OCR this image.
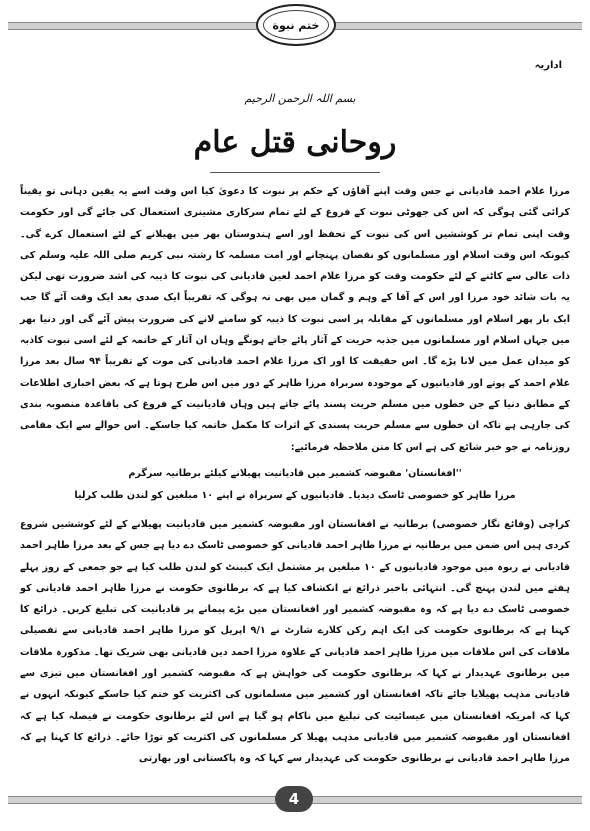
ختم نبوة
اداریہ
بسم اللہ الرحمن الرحیم
روحانی قتل عام

مرزا غلام احمد قادیانی نے جس وقت اپنے آقاؤں کے حکم پر نبوت کا دعویٰ کیا اس وقت اسے یہ یقین دہانی تو یقیناً کرائی گئی ہوگی کہ اس کی جھوٹی نبوت کے فروغ کے لئے تمام سرکاری مشینری استعمال کی جائے گی اور حکومت وقت اپنی تمام تر کوششیں اس کی نبوت کے تحفظ اور اسے ہندوستان بھر میں پھیلانے کے لئے استعمال کرے گی۔ کیونکہ اس وقت اسلام اور مسلمانوں کو نقصان پہنچانے اور امت مسلمہ کا رشتہ نبی کریم صلی اللہ علیہ وسلم کی ذات عالی سے کاٹنے کے لئے حکومت وقت کو مرزا غلام احمد لعین قادیانی کی نبوت کا ذیبہ کی اشد ضرورت تھی لیکن یہ بات شائد خود مرزا اور اس کے آقا کے وہم و گمان میں بھی نہ ہوگی کہ تقریباً ایک صدی بعد ایک وقت آئے گا جب ایک بار پھر اسلام اور مسلمانوں کے مقابلہ پر اسی نبوت کا ذیبہ کو سامنے لانے کی ضرورت پیش آئے گی اور دنیا بھر میں جہاں اسلام اور مسلمانوں میں جذبہ حریت کے آثار پائے جاتے ہونگے وہاں ان آثار کے خاتمہ کے لئے اسی نبوت کاذبہ کو میدان عمل میں لانا پڑے گا۔ اس حقیقت کا اور اک مرزا غلام احمد قادیانی کی موت کے تقریباً ۹۴ سال بعد مرزا غلام احمد کے پوتے اور قادیانیوں کے موجودہ سربراہ مرزا طاہر کے دور میں اس طرح ہوتا ہے کہ بعض اخباری اطلاعات کے مطابق دنیا کے جن خطوں میں مسلم حریت پسند پائے جاتے ہیں وہاں قادیانیت کے فروغ کی باقاعدہ منصوبہ بندی کی جارہی ہے تاکہ ان خطوں سے مسلم حریت پسندی کے اثرات کا مکمل خاتمہ کیا جاسکے۔ اس حوالے سے ایک مقامی روزنامہ نے جو خبر شائع کی ہے اس کا متن ملاحظہ فرمائیے:

''افغانستان' مقبوضہ کشمیر میں قادیانیت پھیلانے کیلئے برطانیہ سرگرم
مرزا طاہر کو خصوصی ٹاسک دیدیا۔ قادیانیوں کے سربراہ نے اپنے ۱۰ مبلغین کو لندن طلب کرلیا

کراچی (وقائع نگار خصوصی) برطانیہ نے افغانستان اور مقبوضہ کشمیر میں قادیانیت پھیلانے کے لئے کوششیں شروع کردی ہیں اس ضمن میں برطانیہ نے مرزا طاہر احمد قادیانی کو خصوصی ٹاسک دے دیا ہے جس کے بعد مرزا طاہر احمد قادیانی نے ربوہ میں موجود قادیانیوں کے ۱۰ مبلغین پر مشتمل ایک کیبنٹ کو لندن طلب کیا ہے جو جمعی کے روز پہلے ہفتے میں لندن پہنچ گی۔ انتہائی باخبر ذرائع نے انکشاف کیا ہے کہ برطانوی حکومت نے مرزا طاہر احمد قادیانی کو خصوصی ٹاسک دے دیا ہے کہ وہ مقبوضہ کشمیر اور افغانستان میں بڑے پیمانے پر قادیانیت کی تبلیغ کریں۔ ذرائع کا کہنا ہے کہ برطانوی حکومت کی ایک اہم رکن کلارے شارٹ نے ۹/۱ اپریل کو مرزا طاہر احمد قادیانی سے تفصیلی ملاقات کی اس ملاقات میں مرزا طاہر احمد قادیانی کے علاوہ مرزا احمد دین قادیانی بھی شریک تھا۔ مذکورہ ملاقات میں برطانوی عہدیدار نے کہا کہ برطانوی حکومت کی خواہش ہے کہ مقبوضہ کشمیر اور افغانستان میں تیزی سے قادیانی مذہب پھیلایا جائے تاکہ افغانستان اور کشمیر میں مسلمانوں کی اکثریت کو ختم کیا جاسکے کیونکہ انہوں نے کہا کہ امریکہ افغانستان میں عیسائیت کی تبلیغ میں ناکام ہو گیا ہے اس لئے برطانوی حکومت نے فیصلہ کیا ہے کہ افغانستان اور مقبوضہ کشمیر میں قادیانی مذہب پھیلا کر مسلمانوں کی اکثریت کو توڑا جائے۔ ذرائع کا کہنا ہے کہ مرزا طاہر احمد قادیانی نے برطانوی حکومت کی عہدیدار سے کہا کہ وہ پاکستانی اور بھارتی

4
